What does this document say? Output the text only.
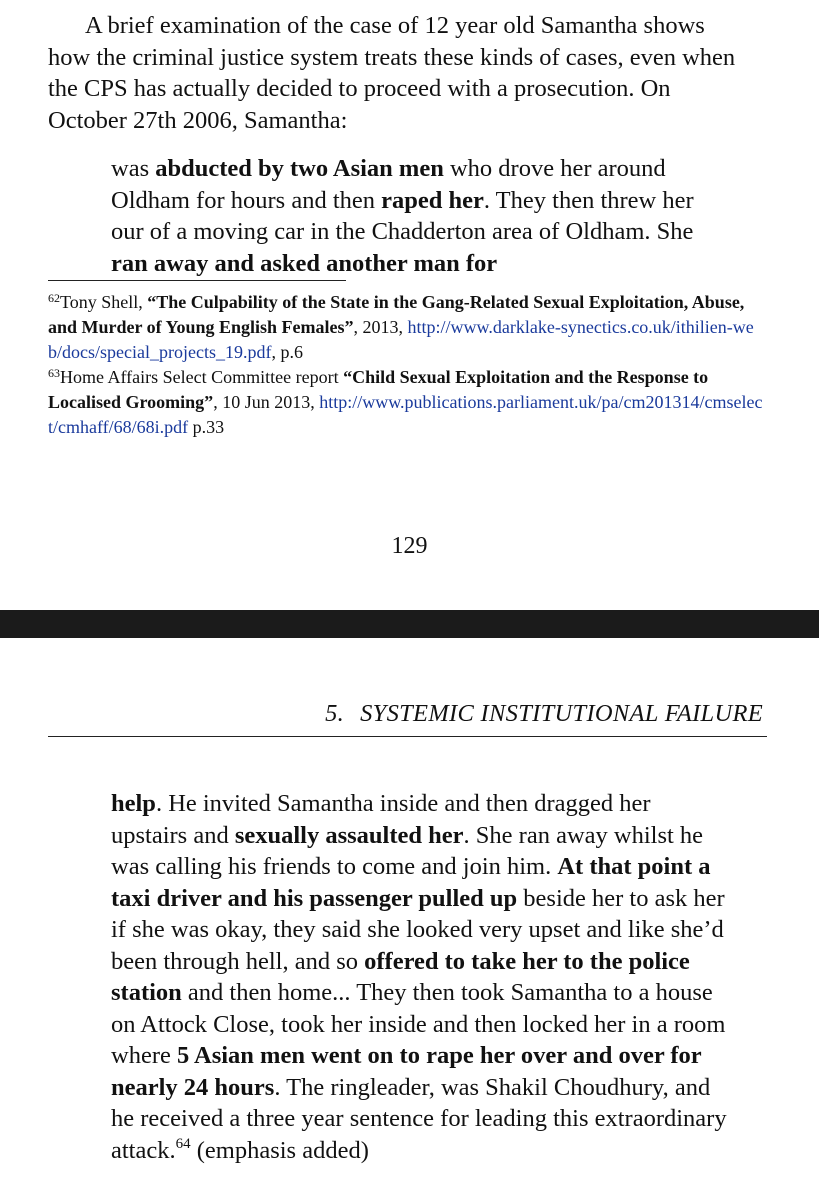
A brief examination of the case of 12 year old Samantha shows
how the criminal justice system treats these kinds of cases, even when
the CPS has actually decided to proceed with a prosecution. On
October 27th 2006, Samantha:

was abducted by two Asian men who drove her around Oldham for hours and then raped her. They then threw her our of a moving car in the Chadderton area of Oldham. She ran away and asked another man for

$^{62}$Tony Shell, “The Culpability of the State in the Gang-Related Sexual Exploitation, Abuse, and Murder of Young English Females”, 2013, http://www.darklake-synectics.co.uk/ithilien-web/docs/special_projects_19.pdf, p.6

$^{63}$Home Affairs Select Committee report “Child Sexual Exploitation and the Response to Localised Grooming”, 10 Jun 2013, http://www.publications.parliament.uk/pa/cm201314/cmselect/cmhaff/68/68i.pdf p.33

129
5. SYSTEMIC INSTITUTIONAL FAILURE

help. He invited Samantha inside and then dragged her upstairs and sexually assaulted her. She ran away whilst he was calling his friends to come and join him. At that point a taxi driver and his passenger pulled up beside her to ask her if she was okay, they said she looked very upset and like she’d been through hell, and so offered to take her to the police station and then home... They then took Samantha to a house on Attock Close, took her inside and then locked her in a room where 5 Asian men went on to rape her over and over for nearly 24 hours. The ringleader, was Shakil Choudhury, and he received a three year sentence for leading this extraordinary attack.$^{64}$ (emphasis added)
